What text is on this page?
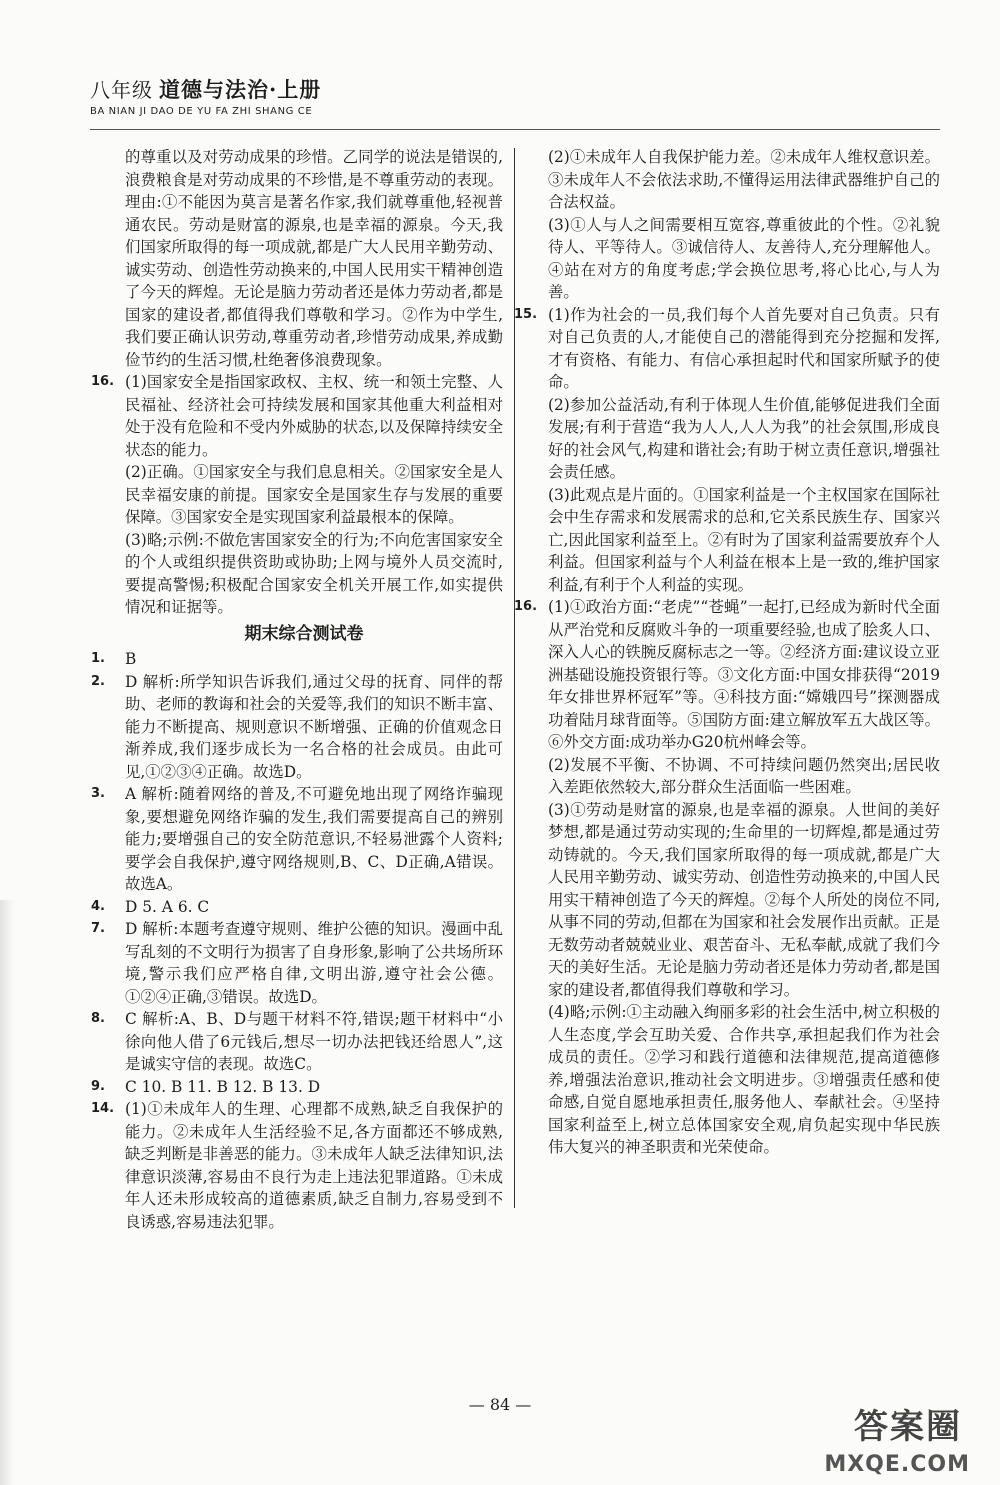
八年级 道德与法治·上册
BA NIAN JI DAO DE YU FA ZHI SHANG CE

的尊重以及对劳动成果的珍惜。乙同学的说法是错误的,浪费粮食是对劳动成果的不珍惜,是不尊重劳动的表现。理由:①不能因为莫言是著名作家,我们就尊重他,轻视普通农民。劳动是财富的源泉,也是幸福的源泉。今天,我们国家所取得的每一项成就,都是广大人民用辛勤劳动、诚实劳动、创造性劳动换来的,中国人民用实干精神创造了今天的辉煌。无论是脑力劳动者还是体力劳动者,都是国家的建设者,都值得我们尊敬和学习。②作为中学生,我们要正确认识劳动,尊重劳动者,珍惜劳动成果,养成勤俭节约的生活习惯,杜绝奢侈浪费现象。

16. (1)国家安全是指国家政权、主权、统一和领土完整、人民福祉、经济社会可持续发展和国家其他重大利益相对处于没有危险和不受内外威胁的状态,以及保障持续安全状态的能力。

(2)正确。①国家安全与我们息息相关。②国家安全是人民幸福安康的前提。国家安全是国家生存与发展的重要保障。③国家安全是实现国家利益最根本的保障。

(3)略;示例:不做危害国家安全的行为;不向危害国家安全的个人或组织提供资助或协助;上网与境外人员交流时,要提高警惕;积极配合国家安全机关开展工作,如实提供情况和证据等。

期末综合测试卷
1. B

2. D 解析:所学知识告诉我们,通过父母的抚育、同伴的帮助、老师的教诲和社会的关爱等,我们的知识不断丰富、能力不断提高、规则意识不断增强、正确的价值观念日渐养成,我们逐步成长为一名合格的社会成员。由此可见,①②③④正确。故选D。

3. A 解析:随着网络的普及,不可避免地出现了网络诈骗现象,要想避免网络诈骗的发生,我们需要提高自己的辨别能力;要增强自己的安全防范意识,不轻易泄露个人资料;要学会自我保护,遵守网络规则,B、C、D正确,A错误。故选A。

4. D 5. A 6. C

7. D 解析:本题考查遵守规则、维护公德的知识。漫画中乱写乱刻的不文明行为损害了自身形象,影响了公共场所环境,警示我们应严格自律,文明出游,遵守社会公德。①②④正确,③错误。故选D。

8. C 解析:A、B、D与题干材料不符,错误;题干材料中“小徐向他人借了6元钱后,想尽一切办法把钱还给恩人”,这是诚实守信的表现。故选C。

9. C 10. B 11. B 12. B 13. D

14. (1)①未成年人的生理、心理都不成熟,缺乏自我保护的能力。②未成年人生活经验不足,各方面都还不够成熟,缺乏判断是非善恶的能力。③未成年人缺乏法律知识,法律意识淡薄,容易由不良行为走上违法犯罪道路。①未成年人还未形成较高的道德素质,缺乏自制力,容易受到不良诱惑,容易违法犯罪。

(2)①未成年人自我保护能力差。②未成年人维权意识差。③未成年人不会依法求助,不懂得运用法律武器维护自己的合法权益。

(3)①人与人之间需要相互宽容,尊重彼此的个性。②礼貌待人、平等待人。③诚信待人、友善待人,充分理解他人。④站在对方的角度考虑;学会换位思考,将心比心,与人为善。

15. (1)作为社会的一员,我们每个人首先要对自己负责。只有对自己负责的人,才能使自己的潜能得到充分挖掘和发挥,才有资格、有能力、有信心承担起时代和国家所赋予的使命。

(2)参加公益活动,有利于体现人生价值,能够促进我们全面发展;有利于营造“我为人人,人人为我”的社会氛围,形成良好的社会风气,构建和谐社会;有助于树立责任意识,增强社会责任感。

(3)此观点是片面的。①国家利益是一个主权国家在国际社会中生存需求和发展需求的总和,它关系民族生存、国家兴亡,因此国家利益至上。②有时为了国家利益需要放弃个人利益。但国家利益与个人利益在根本上是一致的,维护国家利益,有利于个人利益的实现。

16. (1)①政治方面:“老虎”“苍蝇”一起打,已经成为新时代全面从严治党和反腐败斗争的一项重要经验,也成了脍炙人口、深入人心的铁腕反腐标志之一等。②经济方面:建议设立亚洲基础设施投资银行等。③文化方面:中国女排获得“2019年女排世界杯冠军”等。④科技方面:“嫦娥四号”探测器成功着陆月球背面等。⑤国防方面:建立解放军五大战区等。⑥外交方面:成功举办G20杭州峰会等。

(2)发展不平衡、不协调、不可持续问题仍然突出;居民收入差距依然较大,部分群众生活面临一些困难。

(3)①劳动是财富的源泉,也是幸福的源泉。人世间的美好梦想,都是通过劳动实现的;生命里的一切辉煌,都是通过劳动铸就的。今天,我们国家所取得的每一项成就,都是广大人民用辛勤劳动、诚实劳动、创造性劳动换来的,中国人民用实干精神创造了今天的辉煌。②每个人所处的岗位不同,从事不同的劳动,但都在为国家和社会发展作出贡献。正是无数劳动者兢兢业业、艰苦奋斗、无私奉献,成就了我们今天的美好生活。无论是脑力劳动者还是体力劳动者,都是国家的建设者,都值得我们尊敬和学习。

(4)略;示例:①主动融入绚丽多彩的社会生活中,树立积极的人生态度,学会互助关爱、合作共享,承担起我们作为社会成员的责任。②学习和践行道德和法律规范,提高道德修养,增强法治意识,推动社会文明进步。③增强责任感和使命感,自觉自愿地承担责任,服务他人、奉献社会。④坚持国家利益至上,树立总体国家安全观,肩负起实现中华民族伟大复兴的神圣职责和光荣使命。

— 84 —
答案圈
MXQE.COM
